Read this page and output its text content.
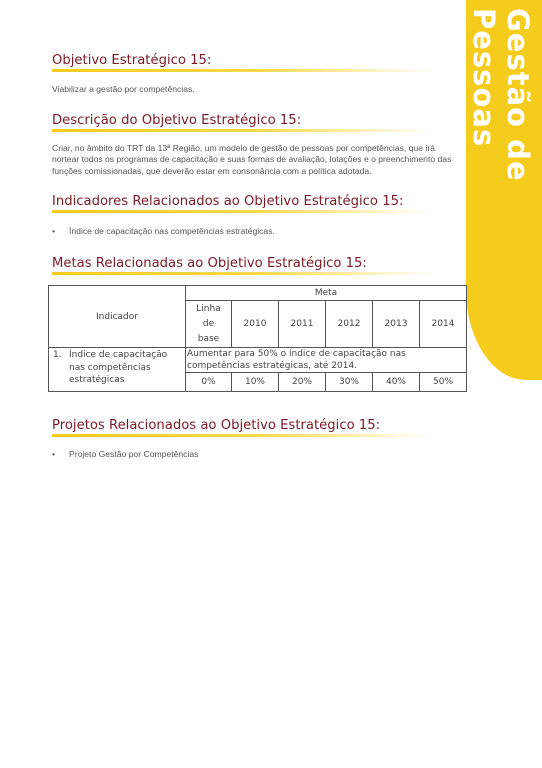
Gestão de Pessoas
Objetivo Estratégico 15:
Viabilizar a gestão por competências.
Descrição do Objetivo Estratégico 15:
Criar, no âmbito do TRT da 13ª Região, um modelo de gestão de pessoas por competências, que irá nortear todos os programas de capacitação e suas formas de avaliação, lotações e o preenchimento das funções comissionadas, que deverão estar em consonância com a política adotada.
Indicadores Relacionados ao Objetivo Estratégico 15:
• Índice de capacitação nas competências estratégicas.
Metas Relacionadas ao Objetivo Estratégico 15:
Indicador	Meta					
	Linha de base	2010	2011	2012	2013	2014

1. Índice de capacitação nas competências estratégicas	Aumentar para 50% o índice de capacitação nas competências estratégicas, até 2014.					
	0%	10%	20%	30%	40%	50%
Projetos Relacionados ao Objetivo Estratégico 15:
• Projeto Gestão por Competências
